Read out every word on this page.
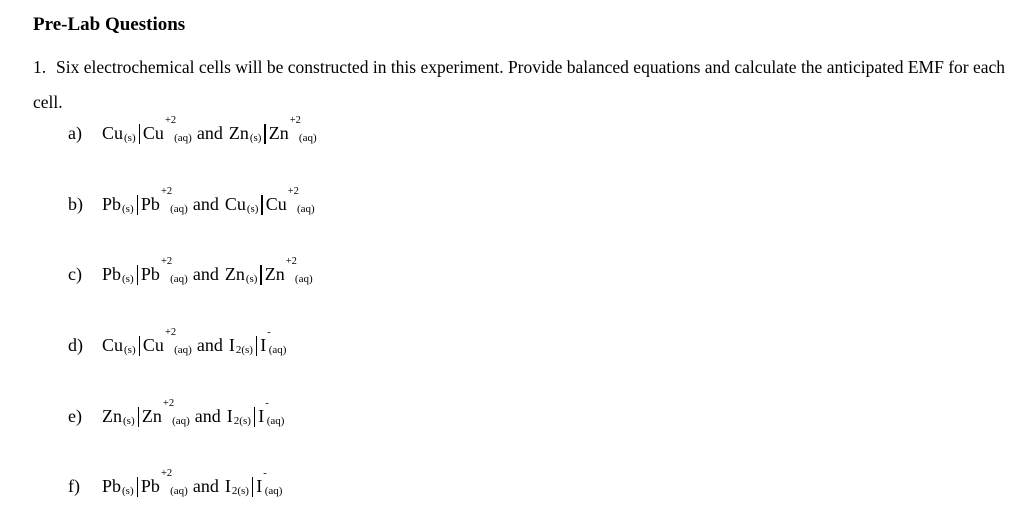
Pre-Lab Questions
1. Six electrochemical cells will be constructed in this experiment. Provide balanced equations and calculate the anticipated EMF for each cell.
a)	Cu (s) Cu
+2
(aq) and Zn (s) Zn
+2
(aq)
b)	Pb (s) Pb
+2
(aq) and Cu (s) Cu
+2
(aq)
c)	Pb (s) Pb
+2
(aq) and Zn (s) Zn
+2
(aq)
d)	Cu (s) Cu
+2
(aq) and I 2(s) I
-
(aq)
e)	Zn (s) Zn
+2
(aq) and I 2(s) I
-
(aq)
f)	Pb (s) Pb
+2
(aq) and I 2(s) I
-
(aq)
